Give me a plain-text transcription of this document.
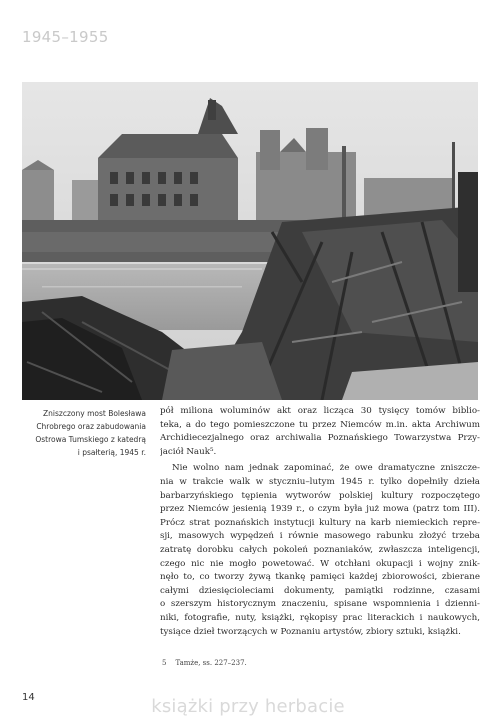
1945–1955
Zniszczony most Bolesława
Chrobrego oraz zabudowania
Ostrowa Tumskiego z katedrą
i psałterią, 1945 r.
pół miliona woluminów akt oraz licząca 30 tysięcy tomów biblio-
teka, a do tego pomieszczone tu przez Niemców m.in. akta Archiwum
Archidiecezjalnego oraz archiwalia Poznańskiego Towarzystwa Przy-
jaciół Nauk⁵.
Nie wolno nam jednak zapominać, że owe dramatyczne zniszcze-
nia w trakcie walk w styczniu–lutym 1945 r. tylko dopełniły dzieła
barbarzyńskiego tępienia wytworów polskiej kultury rozpoczętego
przez Niemców jesienią 1939 r., o czym była już mowa (patrz tom III).
Prócz strat poznańskich instytucji kultury na karb niemieckich repre-
sji, masowych wypędzeń i równie masowego rabunku złożyć trzeba
zatratę dorobku całych pokoleń poznaniaków, zwłaszcza inteligencji,
czego nic nie mogło powetować. W otchłani okupacji i wojny znik-
nęło to, co tworzy żywą tkankę pamięci każdej zbiorowości, zbierane
całymi dziesięcioleciami dokumenty, pamiątki rodzinne, czasami
o szerszym historycznym znaczeniu, spisane wspomnienia i dzienni-
niki, fotografie, nuty, książki, rękopisy prac literackich i naukowych,
tysiące dzieł tworzących w Poznaniu artystów, zbiory sztuki, książki.
5 Tamże, ss. 227–237.
14	książki przy herbacie
